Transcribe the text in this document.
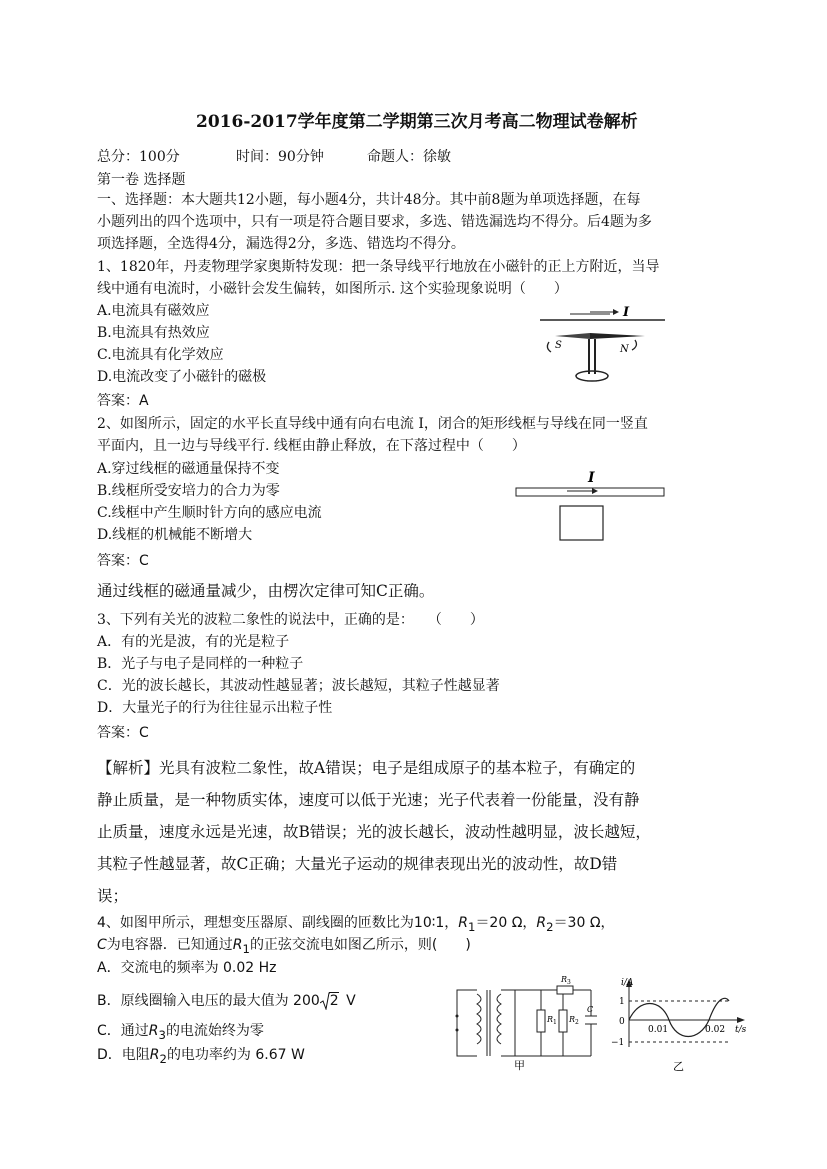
2016-2017学年度第二学期第三次月考高二物理试卷解析
总分：100分	时间：90分钟	命题人：徐敏
第一卷 选择题
一、选择题：本大题共12小题，每小题4分，共计48分。其中前8题为单项选择题，在每
小题列出的四个选项中，只有一项是符合题目要求，多选、错选漏选均不得分。后4题为多
项选择题，全选得4分，漏选得2分，多选、错选均不得分。
1、1820年，丹麦物理学家奥斯特发现：把一条导线平行地放在小磁针的正上方附近，当导
线中通有电流时，小磁针会发生偏转，如图所示. 这个实验现象说明（　　）
A.电流具有磁效应
B.电流具有热效应
C.电流具有化学效应
D.电流改变了小磁针的磁极
答案：A
I
S	N
2、如图所示，固定的水平长直导线中通有向右电流 I，闭合的矩形线框与导线在同一竖直
平面内，且一边与导线平行. 线框由静止释放，在下落过程中（　　）
A.穿过线框的磁通量保持不变
B.线框所受安培力的合力为零
C.线框中产生顺时针方向的感应电流
D.线框的机械能不断增大
答案：C
通过线框的磁通量减少，由楞次定律可知C正确。
I
3、下列有关光的波粒二象性的说法中，正确的是：　　（　　）
A．有的光是波，有的光是粒子
B．光子与电子是同样的一种粒子
C．光的波长越长，其波动性越显著；波长越短，其粒子性越显著
D．大量光子的行为往往显示出粒子性
答案：C
【解析】光具有波粒二象性，故A错误；电子是组成原子的基本粒子，有确定的
静止质量，是一种物质实体，速度可以低于光速；光子代表着一份能量，没有静
止质量，速度永远是光速，故B错误；光的波长越长，波动性越明显，波长越短，
其粒子性越显著，故C正确；大量光子运动的规律表现出光的波动性，故D错
误；
4、如图甲所示，理想变压器原、副线圈的匝数比为10∶1，$R_1=20$ Ω，$R_2=30$ Ω，
C为电容器．已知通过$R_1$的正弦交流电如图乙所示，则(　　)
A．交流电的频率为 0.02 Hz
B．原线圈输入电压的最大值为 200 2 V
C．通过$R_3$的电流始终为零
D．电阻$R_2$的电功率约为 6.67 W
$R_3$
$R_1$ $R_2$
C
甲
i/A
1
0
−1
0.01	0.02 t/s
乙
